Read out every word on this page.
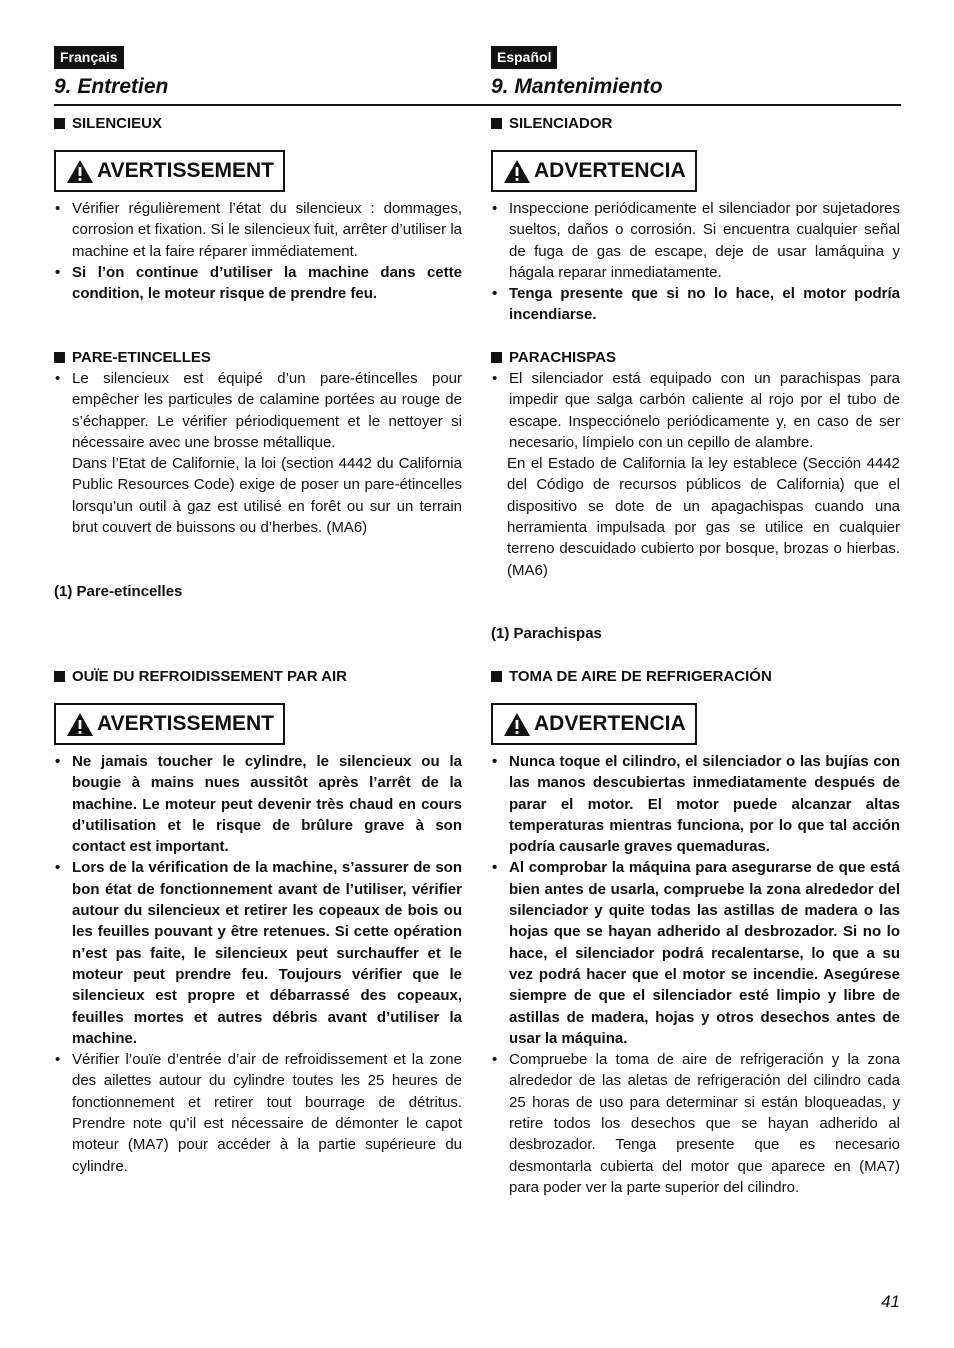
Français
9. Entretien
SILENCIEUX
AVERTISSEMENT
• Vérifier régulièrement l’état du silencieux : dommages, corrosion et fixation. Si le silencieux fuit, arrêter d’utiliser la machine et la faire réparer immédiatement.
• Si l’on continue d’utiliser la machine dans cette condition, le moteur risque de prendre feu.
PARE-ETINCELLES
• Le silencieux est équipé d’un pare-étincelles pour empêcher les particules de calamine portées au rouge de s’échapper. Le vérifier périodiquement et le nettoyer si nécessaire avec une brosse métallique.
Dans l’Etat de Californie, la loi (section 4442 du California Public Resources Code) exige de poser un pare-étincelles lorsqu’un outil à gaz est utilisé en forêt ou sur un terrain brut couvert de buissons ou d’herbes. (MA6)
(1) Pare-etincelles
OUÏE DU REFROIDISSEMENT PAR AIR
AVERTISSEMENT
• Ne jamais toucher le cylindre, le silencieux ou la bougie à mains nues aussitôt après l’arrêt de la machine. Le moteur peut devenir très chaud en cours d’utilisation et le risque de brûlure grave à son contact est important.
• Lors de la vérification de la machine, s’assurer de son bon état de fonctionnement avant de l’utiliser, vérifier autour du silencieux et retirer les copeaux de bois ou les feuilles pouvant y être retenues. Si cette opération n’est pas faite, le silencieux peut surchauffer et le moteur peut prendre feu. Toujours vérifier que le silencieux est propre et débarrassé des copeaux, feuilles mortes et autres débris avant d’utiliser la machine.
• Vérifier l’ouïe d’entrée d’air de refroidissement et la zone des ailettes autour du cylindre toutes les 25 heures de fonctionnement et retirer tout bourrage de détritus. Prendre note qu’il est nécessaire de démonter le capot moteur (MA7) pour accéder à la partie supérieure du cylindre.
Español
9. Mantenimiento
SILENCIADOR
ADVERTENCIA
• Inspeccione periódicamente el silenciador por sujetadores sueltos, daños o corrosión. Si encuentra cualquier señal de fuga de gas de escape, deje de usar lamáquina y hágala reparar inmediatamente.
• Tenga presente que si no lo hace, el motor podría incendiarse.
PARACHISPAS
• El silenciador está equipado con un parachispas para impedir que salga carbón caliente al rojo por el tubo de escape. Inspecciónelo periódicamente y, en caso de ser necesario, límpielo con un cepillo de alambre.
En el Estado de California la ley establece (Sección 4442 del Código de recursos públicos de California) que el dispositivo se dote de un apagachispas cuando una herramienta impulsada por gas se utilice en cualquier terreno descuidado cubierto por bosque, brozas o hierbas. (MA6)
(1) Parachispas
TOMA DE AIRE DE REFRIGERACIÓN
ADVERTENCIA
• Nunca toque el cilindro, el silenciador o las bujías con las manos descubiertas inmediatamente después de parar el motor. El motor puede alcanzar altas temperaturas mientras funciona, por lo que tal acción podría causarle graves quemaduras.
• Al comprobar la máquina para asegurarse de que está bien antes de usarla, compruebe la zona alrededor del silenciador y quite todas las astillas de madera o las hojas que se hayan adherido al desbrozador. Si no lo hace, el silenciador podrá recalentarse, lo que a su vez podrá hacer que el motor se incendie. Asegúrese siempre de que el silenciador esté limpio y libre de astillas de madera, hojas y otros desechos antes de usar la máquina.
• Compruebe la toma de aire de refrigeración y la zona alrededor de las aletas de refrigeración del cilindro cada 25 horas de uso para determinar si están bloqueadas, y retire todos los desechos que se hayan adherido al desbrozador. Tenga presente que es necesario desmontarla cubierta del motor que aparece en (MA7) para poder ver la parte superior del cilindro.
41
